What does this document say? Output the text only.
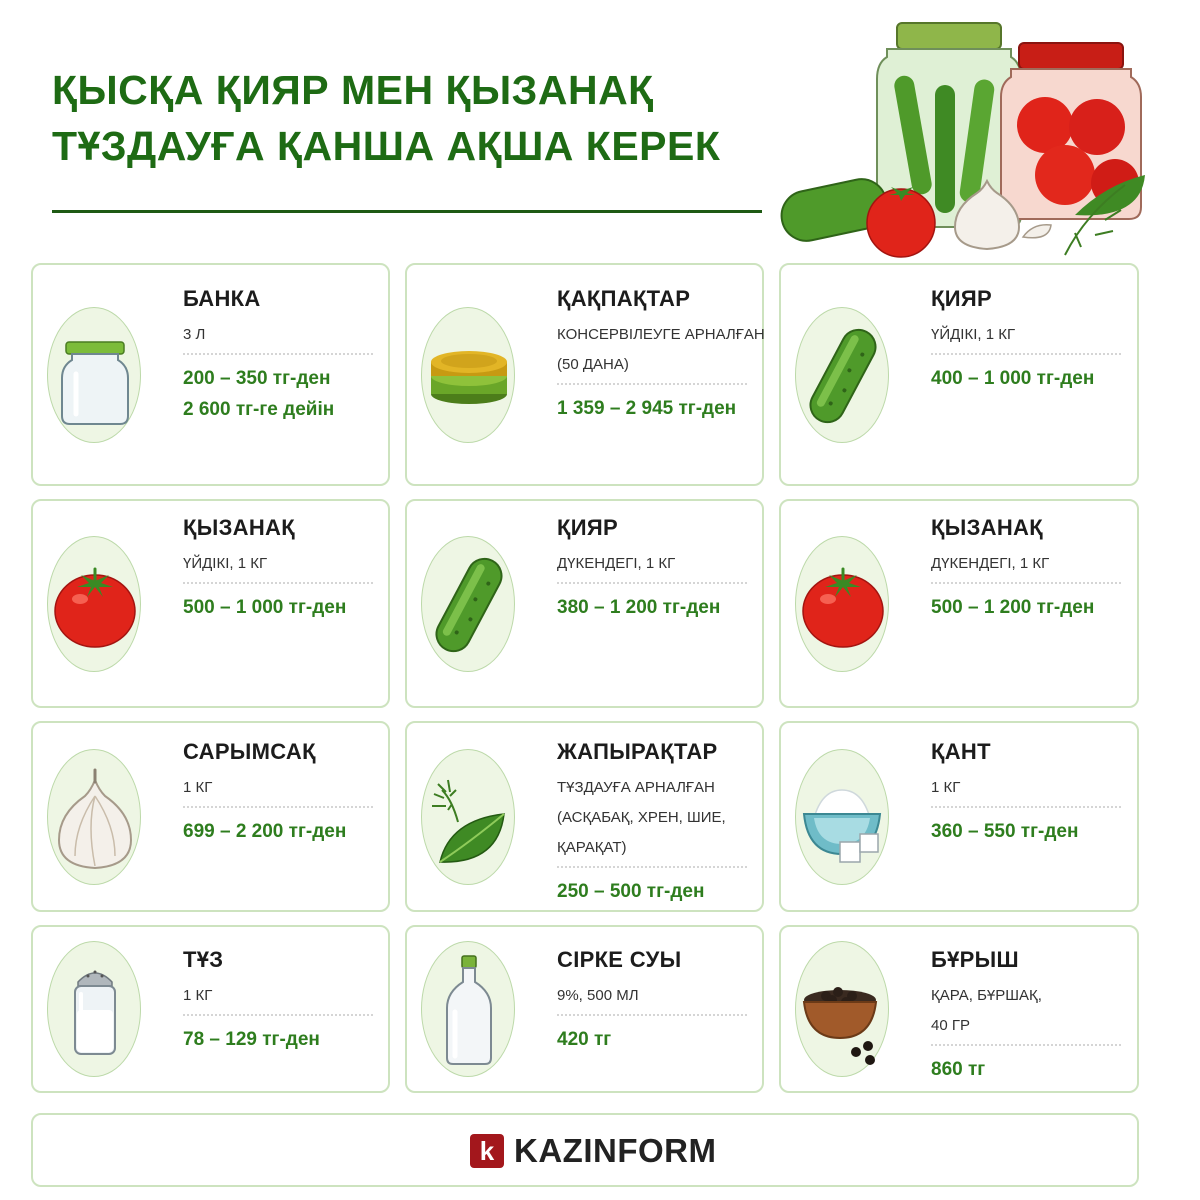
ҚЫСҚА ҚИЯР МЕН ҚЫЗАНАҚ
ТҰЗДАУҒА ҚАНША АҚША КЕРЕК
БАНКА
3 Л
200 – 350 тг-ден
2 600 тг-ге дейін
ҚАҚПАҚТАР
КОНСЕРВІЛЕУГЕ АРНАЛҒАН
(50 ДАНА)
1 359 – 2 945 тг-ден
ҚИЯР
ҮЙДІКІ, 1 КГ
400 – 1 000 тг-ден
ҚЫЗАНАҚ
ҮЙДІКІ, 1 КГ
500 – 1 000 тг-ден
ҚИЯР
ДҮКЕНДЕГІ, 1 КГ
380 – 1 200 тг-ден
ҚЫЗАНАҚ
ДҮКЕНДЕГІ, 1 КГ
500 – 1 200 тг-ден
САРЫМСАҚ
1 КГ
699 – 2 200 тг-ден
ЖАПЫРАҚТАР
ТҰЗДАУҒА АРНАЛҒАН
(АСҚАБАҚ, ХРЕН, ШИЕ,
ҚАРАҚАТ)
250 – 500 тг-ден
ҚАНТ
1 КГ
360 – 550 тг-ден
ТҰЗ
1 КГ
78 – 129 тг-ден
СІРКЕ СУЫ
9%, 500 МЛ
420 тг
БҰРЫШ
ҚАРА, БҰРШАҚ,
40 ГР
860 тг
k KAZINFORM
